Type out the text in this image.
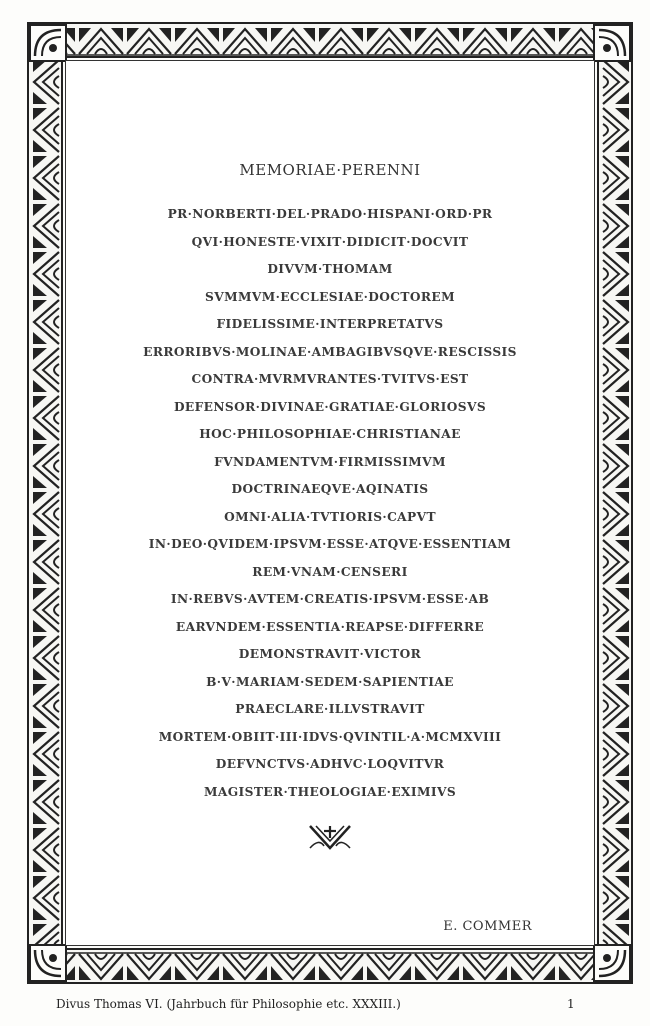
MEMORIAE·PERENNI
PR·NORBERTI·DEL·PRADO·HISPANI·ORD·PR
QVI·HONESTE·VIXIT·DIDICIT·DOCVIT
DIVVM·THOMAM
SVMMVM·ECCLESIAE·DOCTOREM
FIDELISSIME·INTERPRETATVS
ERRORIBVS·MOLINAE·AMBAGIBVSQVE·RESCISSIS
CONTRA·MVRMVRANTES·TVITVS·EST
DEFENSOR·DIVINAE·GRATIAE·GLORIOSVS
HOC·PHILOSOPHIAE·CHRISTIANAE
FVNDAMENTVM·FIRMISSIMVM
DOCTRINAEQVE·AQINATIS
OMNI·ALIA·TVTIORIS·CAPVT
IN·DEO·QVIDEM·IPSVM·ESSE·ATQVE·ESSENTIAM
REM·VNAM·CENSERI
IN·REBVS·AVTEM·CREATIS·IPSVM·ESSE·AB
EARVNDEM·ESSENTIA·REAPSE·DIFFERRE
DEMONSTRAVIT·VICTOR
B·V·MARIAM·SEDEM·SAPIENTIAE
PRAECLARE·ILLVSTRAVIT
MORTEM·OBIIT·III·IDVS·QVINTIL·A·MCMXVIII
DEFVNCTVS·ADHVC·LOQVITVR
MAGISTER·THEOLOGIAE·EXIMIVS
E. COMMER
Divus Thomas VI. (Jahrbuch für Philosophie etc. XXXIII.)	1
